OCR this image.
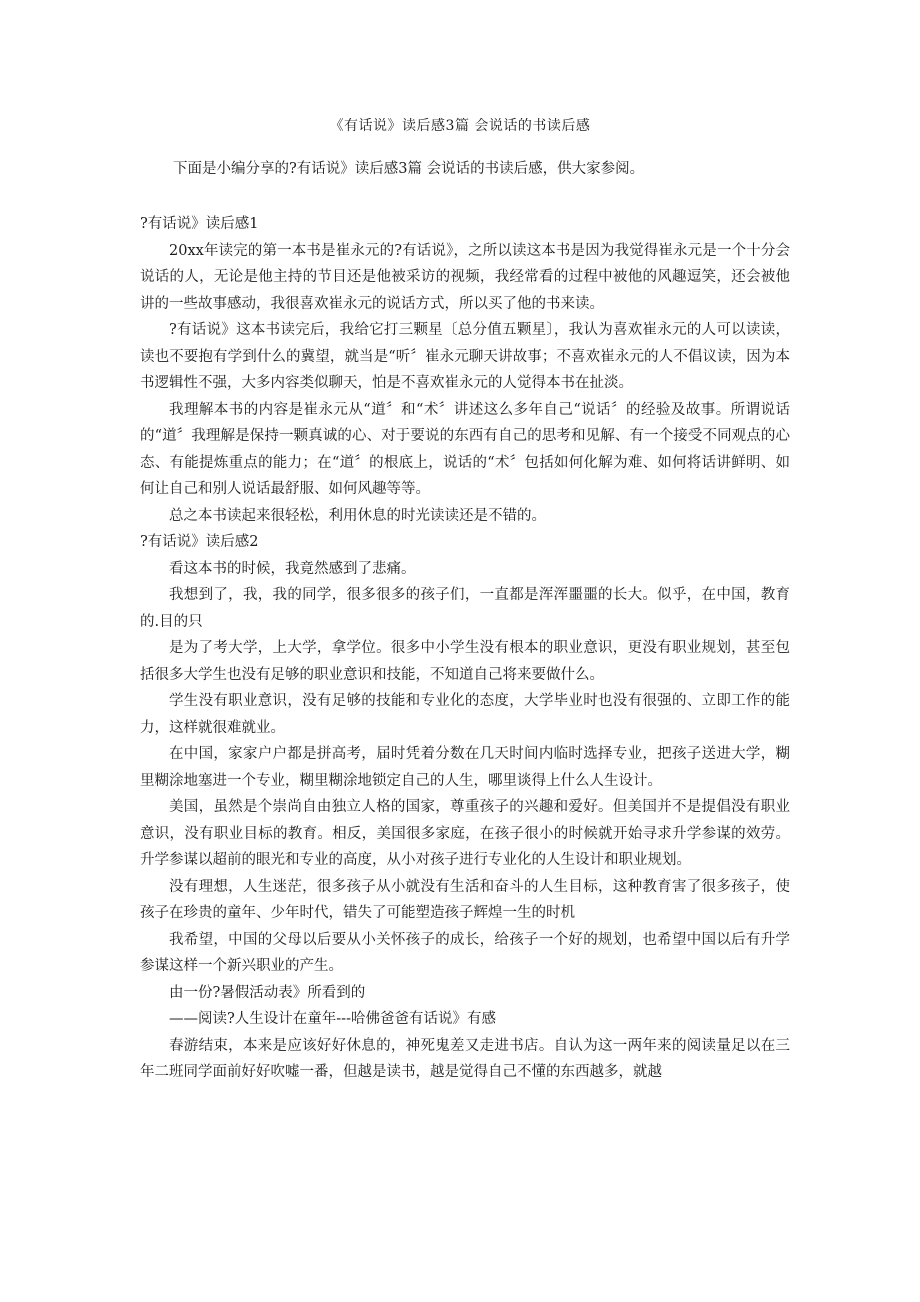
《有话说》读后感3篇 会说话的书读后感
下面是小编分享的?有话说》读后感3篇 会说话的书读后感，供大家参阅。

?有话说》读后感1

20xx年读完的第一本书是崔永元的?有话说》，之所以读这本书是因为我觉得崔永元是一个十分会说话的人，无论是他主持的节目还是他被采访的视频，我经常看的过程中被他的风趣逗笑，还会被他讲的一些故事感动，我很喜欢崔永元的说话方式，所以买了他的书来读。

?有话说》这本书读完后，我给它打三颗星〔总分值五颗星〕，我认为喜欢崔永元的人可以读读，读也不要抱有学到什么的冀望，就当是“听〞崔永元聊天讲故事；不喜欢崔永元的人不倡议读，因为本书逻辑性不强，大多内容类似聊天，怕是不喜欢崔永元的人觉得本书在扯淡。

我理解本书的内容是崔永元从“道〞和“术〞讲述这么多年自己“说话〞的经验及故事。所谓说话的“道〞我理解是保持一颗真诚的心、对于要说的东西有自己的思考和见解、有一个接受不同观点的心态、有能提炼重点的能力；在“道〞的根底上，说话的“术〞包括如何化解为难、如何将话讲鲜明、如何让自己和别人说话最舒服、如何风趣等等。

总之本书读起来很轻松，利用休息的时光读读还是不错的。

?有话说》读后感2

看这本书的时候，我竟然感到了悲痛。

我想到了，我，我的同学，很多很多的孩子们，一直都是浑浑噩噩的长大。似乎，在中国，教育的.目的只

是为了考大学，上大学，拿学位。很多中小学生没有根本的职业意识，更没有职业规划，甚至包括很多大学生也没有足够的职业意识和技能，不知道自己将来要做什么。

学生没有职业意识，没有足够的技能和专业化的态度，大学毕业时也没有很强的、立即工作的能力，这样就很难就业。

在中国，家家户户都是拼高考，届时凭着分数在几天时间内临时选择专业，把孩子送进大学，糊里糊涂地塞进一个专业，糊里糊涂地锁定自己的人生，哪里谈得上什么人生设计。

美国，虽然是个崇尚自由独立人格的国家，尊重孩子的兴趣和爱好。但美国并不是提倡没有职业意识，没有职业目标的教育。相反，美国很多家庭，在孩子很小的时候就开始寻求升学参谋的效劳。升学参谋以超前的眼光和专业的高度，从小对孩子进行专业化的人生设计和职业规划。

没有理想，人生迷茫，很多孩子从小就没有生活和奋斗的人生目标，这种教育害了很多孩子，使孩子在珍贵的童年、少年时代，错失了可能塑造孩子辉煌一生的时机

我希望，中国的父母以后要从小关怀孩子的成长，给孩子一个好的规划，也希望中国以后有升学参谋这样一个新兴职业的产生。

由一份?暑假活动表》所看到的

——阅读?人生设计在童年---哈佛爸爸有话说》有感

春游结束，本来是应该好好休息的，神死鬼差又走进书店。自认为这一两年来的阅读量足以在三年二班同学面前好好吹嘘一番，但越是读书，越是觉得自己不懂的东西越多，就越
